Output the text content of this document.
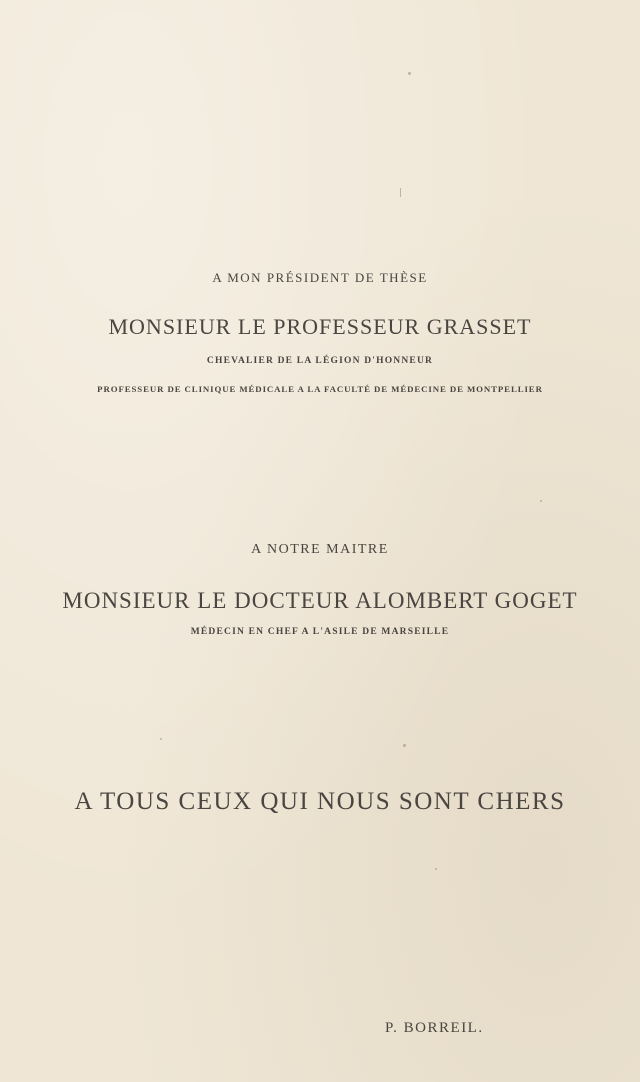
A MON PRÉSIDENT DE THÈSE
MONSIEUR LE PROFESSEUR GRASSET
CHEVALIER DE LA LÉGION D'HONNEUR
PROFESSEUR DE CLINIQUE MÉDICALE A LA FACULTÉ DE MÉDECINE DE MONTPELLIER
A NOTRE MAITRE
MONSIEUR LE DOCTEUR ALOMBERT GOGET
MÉDECIN EN CHEF A L'ASILE DE MARSEILLE
A TOUS CEUX QUI NOUS SONT CHERS
P. BORREIL.
